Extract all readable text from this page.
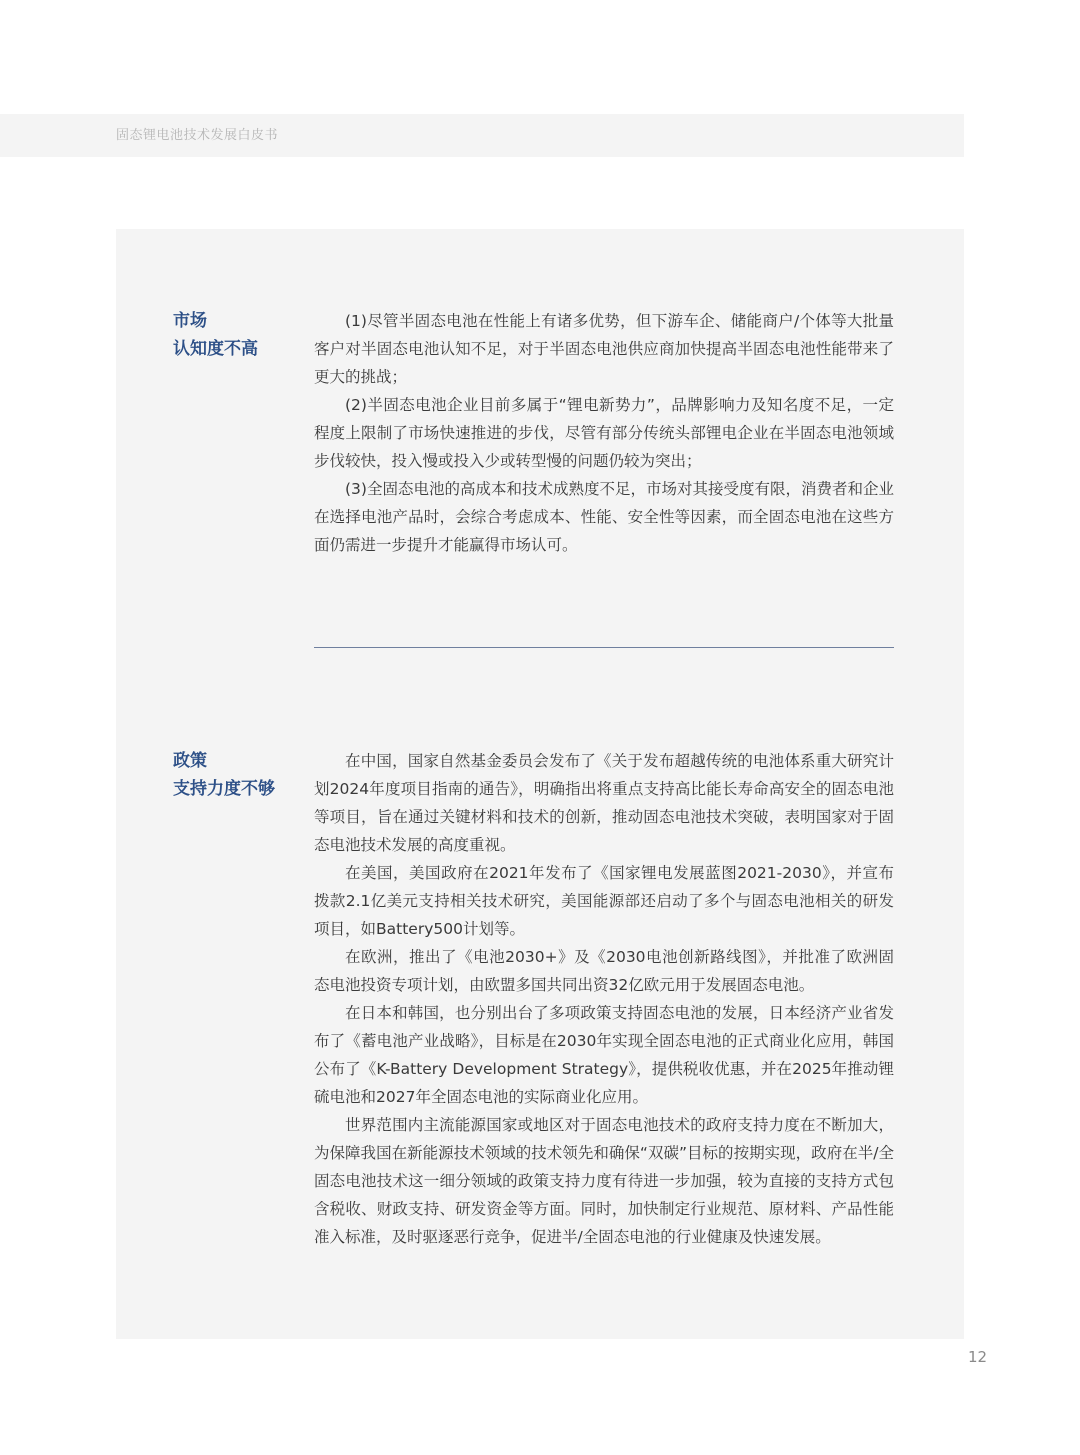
固态锂电池技术发展白皮书
市场
认知度不高

(1)尽管半固态电池在性能上有诸多优势，但下游车企、储能商户/个体等大批量客户对半固态电池认知不足，对于半固态电池供应商加快提高半固态电池性能带来了更大的挑战；

(2)半固态电池企业目前多属于“锂电新势力”，品牌影响力及知名度不足，一定程度上限制了市场快速推进的步伐，尽管有部分传统头部锂电企业在半固态电池领域步伐较快，投入慢或投入少或转型慢的问题仍较为突出；

(3)全固态电池的高成本和技术成熟度不足，市场对其接受度有限，消费者和企业在选择电池产品时，会综合考虑成本、性能、安全性等因素，而全固态电池在这些方面仍需进一步提升才能赢得市场认可。

政策
支持力度不够

在中国，国家自然基金委员会发布了《关于发布超越传统的电池体系重大研究计划2024年度项目指南的通告》，明确指出将重点支持高比能长寿命高安全的固态电池等项目，旨在通过关键材料和技术的创新，推动固态电池技术突破，表明国家对于固态电池技术发展的高度重视。

在美国，美国政府在2021年发布了《国家锂电发展蓝图2021-2030》，并宣布拨款2.1亿美元支持相关技术研究，美国能源部还启动了多个与固态电池相关的研发项目，如Battery500计划等。

在欧洲，推出了《电池2030+》及《2030电池创新路线图》，并批准了欧洲固态电池投资专项计划，由欧盟多国共同出资32亿欧元用于发展固态电池。

在日本和韩国，也分别出台了多项政策支持固态电池的发展，日本经济产业省发布了《蓄电池产业战略》，目标是在2030年实现全固态电池的正式商业化应用，韩国公布了《K-Battery Development Strategy》，提供税收优惠，并在2025年推动锂硫电池和2027年全固态电池的实际商业化应用。

世界范围内主流能源国家或地区对于固态电池技术的政府支持力度在不断加大，为保障我国在新能源技术领域的技术领先和确保“双碳”目标的按期实现，政府在半/全固态电池技术这一细分领域的政策支持力度有待进一步加强，较为直接的支持方式包含税收、财政支持、研发资金等方面。同时，加快制定行业规范、原材料、产品性能准入标准，及时驱逐恶行竞争，促进半/全固态电池的行业健康及快速发展。

12
